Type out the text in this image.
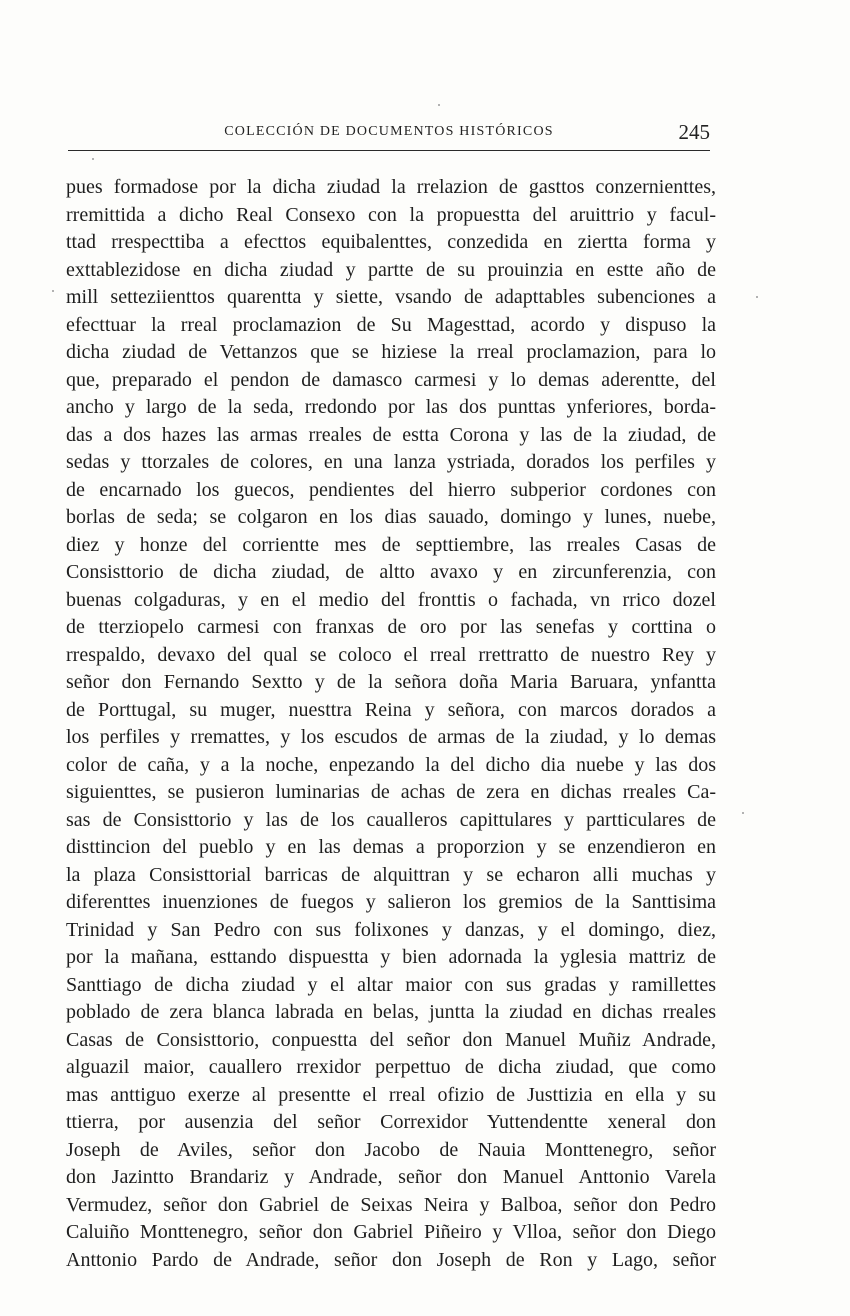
COLECCIÓN DE DOCUMENTOS HISTÓRICOS	245
pues formadose por la dicha ziudad la rrelazion de gasttos conzernienttes,
rremittida a dicho Real Consexo con la propuestta del aruittrio y facul-
ttad rrespecttiba a efecttos equibalenttes, conzedida en ziertta forma y
exttablezidose en dicha ziudad y partte de su prouinzia en estte año de
mill setteziienttos quarentta y siette, vsando de adapttables subenciones a
efecttuar la rreal proclamazion de Su Magesttad, acordo y dispuso la
dicha ziudad de Vettanzos que se hiziese la rreal proclamazion, para lo
que, preparado el pendon de damasco carmesi y lo demas aderentte, del
ancho y largo de la seda, rredondo por las dos punttas ynferiores, borda-
das a dos hazes las armas rreales de estta Corona y las de la ziudad, de
sedas y ttorzales de colores, en una lanza ystriada, dorados los perfiles y
de encarnado los guecos, pendientes del hierro subperior cordones con
borlas de seda; se colgaron en los dias sauado, domingo y lunes, nuebe,
diez y honze del corrientte mes de septtiembre, las rreales Casas de
Consisttorio de dicha ziudad, de altto avaxo y en zircunferenzia, con
buenas colgaduras, y en el medio del fronttis o fachada, vn rrico dozel
de tterziopelo carmesi con franxas de oro por las senefas y corttina o
rrespaldo, devaxo del qual se coloco el rreal rrettratto de nuestro Rey y
señor don Fernando Sextto y de la señora doña Maria Baruara, ynfantta
de Porttugal, su muger, nuesttra Reina y señora, con marcos dorados a
los perfiles y rremattes, y los escudos de armas de la ziudad, y lo demas
color de caña, y a la noche, enpezando la del dicho dia nuebe y las dos
siguienttes, se pusieron luminarias de achas de zera en dichas rreales Ca-
sas de Consisttorio y las de los caualleros capittulares y partticulares de
disttincion del pueblo y en las demas a proporzion y se enzendieron en
la plaza Consisttorial barricas de alquittran y se echaron alli muchas y
diferenttes inuenziones de fuegos y salieron los gremios de la Santtisima
Trinidad y San Pedro con sus folixones y danzas, y el domingo, diez,
por la mañana, esttando dispuestta y bien adornada la yglesia mattriz de
Santtiago de dicha ziudad y el altar maior con sus gradas y ramillettes
poblado de zera blanca labrada en belas, juntta la ziudad en dichas rreales
Casas de Consisttorio, conpuestta del señor don Manuel Muñiz Andrade,
alguazil maior, cauallero rrexidor perpettuo de dicha ziudad, que como
mas anttiguo exerze al presentte el rreal ofizio de Justtizia en ella y su
ttierra, por ausenzia del señor Correxidor Yuttendentte xeneral don
Joseph de Aviles, señor don Jacobo de Nauia Monttenegro, señor
don Jazintto Brandariz y Andrade, señor don Manuel Anttonio Varela
Vermudez, señor don Gabriel de Seixas Neira y Balboa, señor don Pedro
Caluiño Monttenegro, señor don Gabriel Piñeiro y Vlloa, señor don Diego
Anttonio Pardo de Andrade, señor don Joseph de Ron y Lago, señor
